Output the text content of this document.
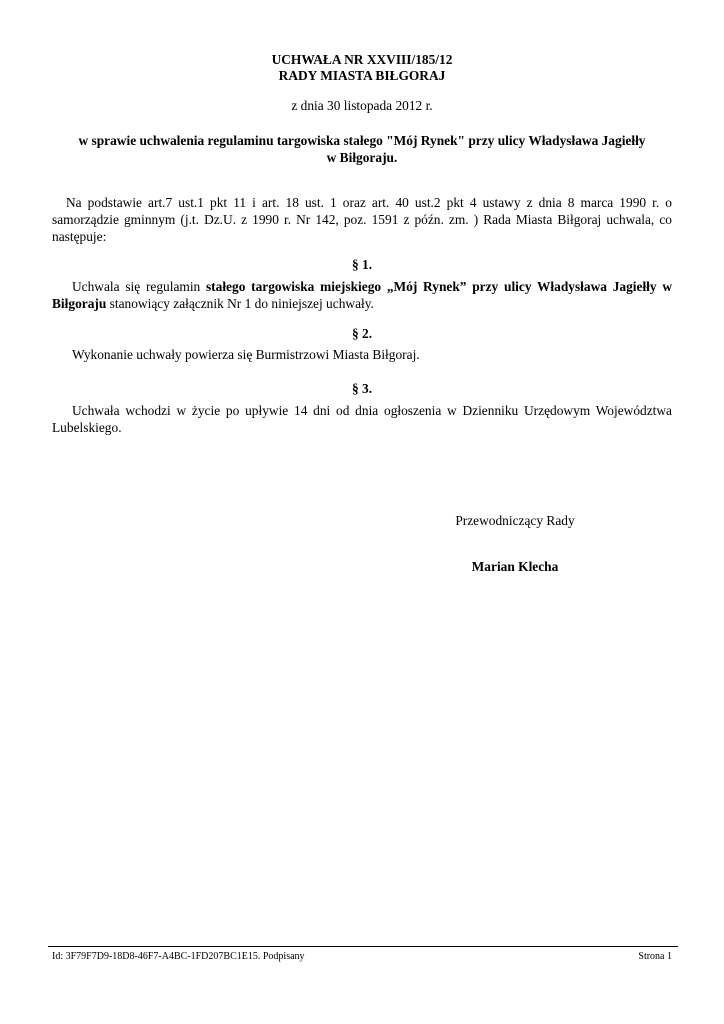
UCHWAŁA NR XXVIII/185/12
RADY MIASTA BIŁGORAJ
z dnia 30 listopada 2012 r.
w sprawie uchwalenia regulaminu targowiska stałego "Mój Rynek" przy ulicy Władysława Jagiełły
w Biłgoraju.
Na podstawie art.7 ust.1 pkt 11 i art. 18 ust. 1 oraz art. 40 ust.2 pkt 4 ustawy z dnia 8 marca 1990 r. o samorządzie gminnym (j.t. Dz.U. z 1990 r. Nr 142, poz. 1591 z późn. zm. ) Rada Miasta Biłgoraj uchwala, co następuje:
§ 1.
Uchwala się regulamin stałego targowiska miejskiego „Mój Rynek” przy ulicy Władysława Jagiełły w Biłgoraju stanowiący załącznik Nr 1 do niniejszej uchwały.
§ 2.
Wykonanie uchwały powierza się Burmistrzowi Miasta Biłgoraj.
§ 3.
Uchwała wchodzi w życie po upływie 14 dni od dnia ogłoszenia w Dzienniku Urzędowym Województwa Lubelskiego.
Przewodniczący Rady
Marian Klecha
Id: 3F79F7D9-18D8-46F7-A4BC-1FD207BC1E15. Podpisany	Strona 1
